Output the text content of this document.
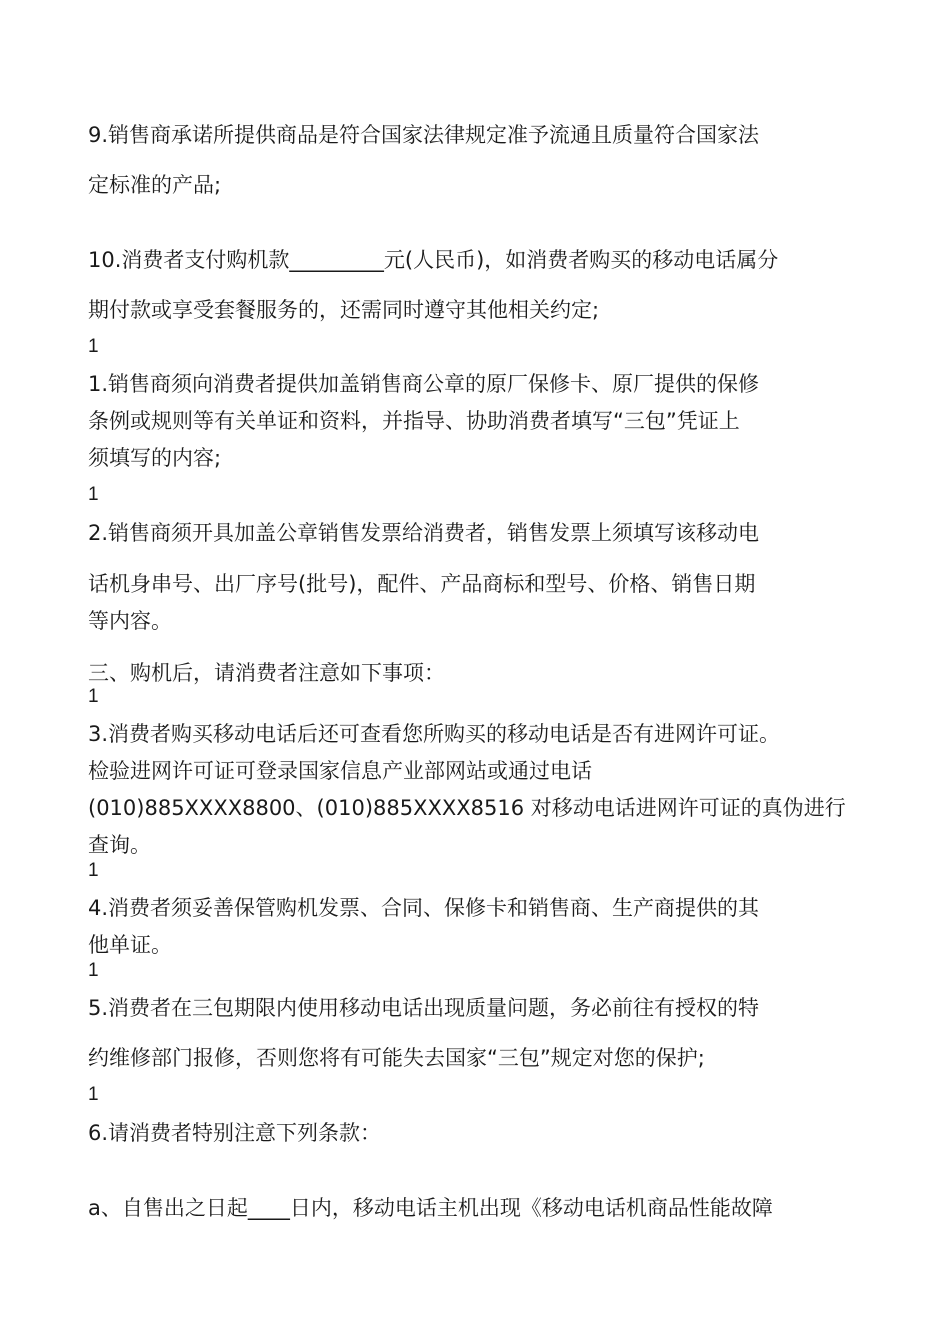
9.销售商承诺所提供商品是符合国家法律规定准予流通且质量符合国家法
定标准的产品;
10.消费者支付购机款_________元(人民币)，如消费者购买的移动电话属分
期付款或享受套餐服务的，还需同时遵守其他相关约定;
1
1.销售商须向消费者提供加盖销售商公章的原厂保修卡、原厂提供的保修
条例或规则等有关单证和资料，并指导、协助消费者填写“三包”凭证上
须填写的内容;
1
2.销售商须开具加盖公章销售发票给消费者，销售发票上须填写该移动电
话机身串号、出厂序号(批号)，配件、产品商标和型号、价格、销售日期
等内容。
三、购机后，请消费者注意如下事项：
1
3.消费者购买移动电话后还可查看您所购买的移动电话是否有进网许可证。
检验进网许可证可登录国家信息产业部网站或通过电话
(010)885XXXX8800、(010)885XXXX8516 对移动电话进网许可证的真伪进行
查询。
1
4.消费者须妥善保管购机发票、合同、保修卡和销售商、生产商提供的其
他单证。
1
5.消费者在三包期限内使用移动电话出现质量问题，务必前往有授权的特
约维修部门报修，否则您将有可能失去国家“三包”规定对您的保护;
1
6.请消费者特别注意下列条款：
a、自售出之日起____日内，移动电话主机出现《移动电话机商品性能故障
